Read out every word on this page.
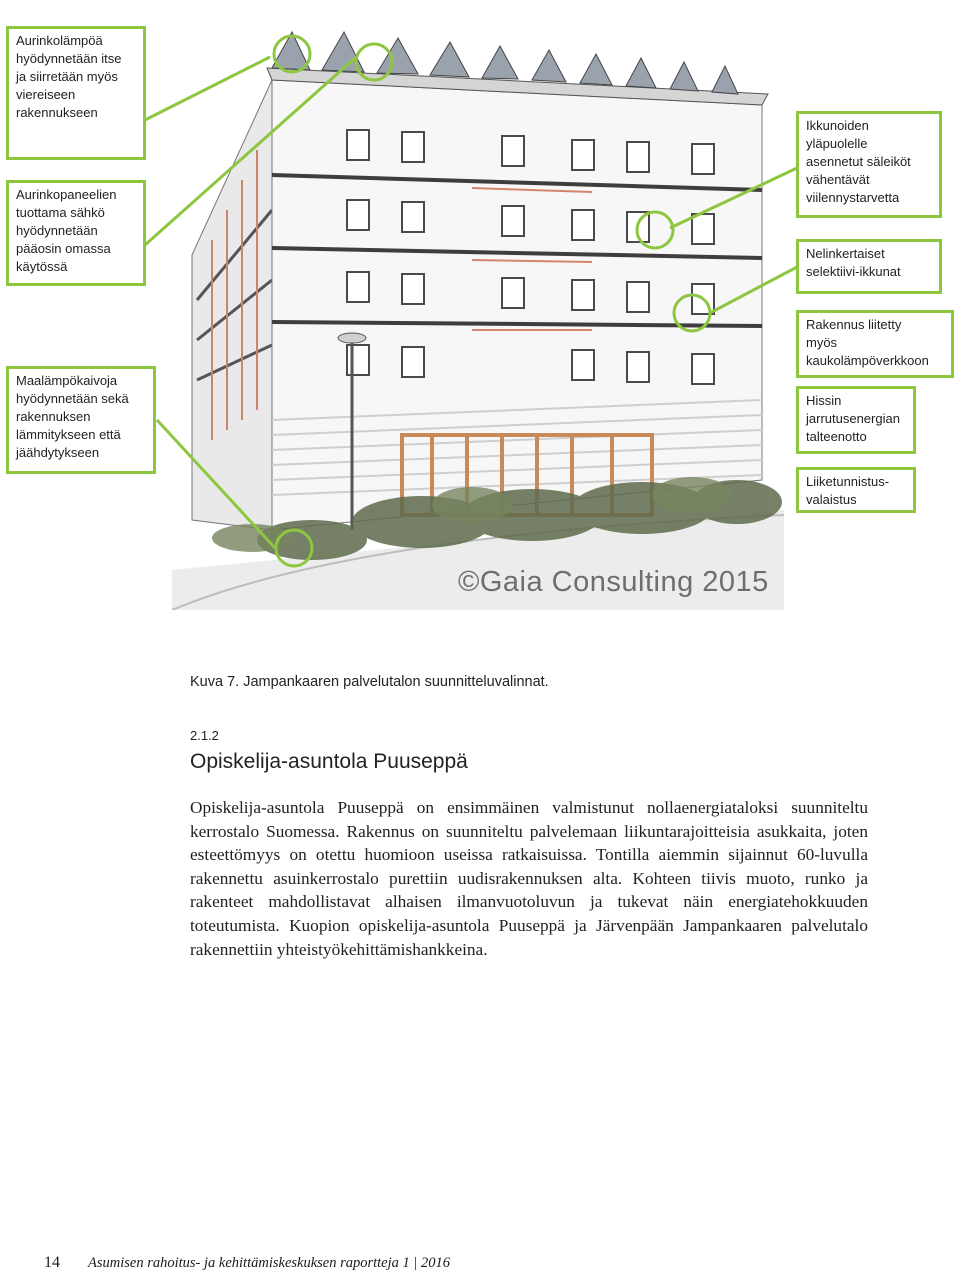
Aurinkolämpöä
hyödynnetään itse
ja siirretään myös
viereiseen
rakennukseen

Aurinkopaneelien
tuottama sähkö
hyödynnetään
pääosin omassa
käytössä

Maalämpökaivoja
hyödynnetään sekä
rakennuksen
lämmitykseen että
jäähdytykseen

Ikkunoiden
yläpuolelle
asennetut säleiköt
vähentävät
viilennystarvetta

Nelinkertaiset
selektiivi-ikkunat

Rakennus liitetty
myös
kaukolämpöverkkoon

Hissin
jarrutusenergian
talteenotto

Liiketunnistus-
valaistus

©Gaia Consulting 2015

Kuva 7. Jampankaaren palvelutalon suunnitteluvalinnat.

2.1.2

Opiskelija-asuntola Puuseppä

Opiskelija-asuntola Puuseppä on ensimmäinen valmistunut nollaenergiataloksi suunniteltu kerrostalo Suomessa. Rakennus on suunniteltu palvelemaan liikuntarajoitteisia asukkaita, joten esteettömyys on otettu huomioon useissa ratkaisuissa. Tontilla aiemmin sijainnut 60-luvulla rakennettu asuinkerrostalo purettiin uudisrakennuksen alta. Kohteen tiivis muoto, runko ja rakenteet mahdollistavat alhaisen ilmanvuotoluvun ja tukevat näin energiatehokkuuden toteutumista. Kuopion opiskelija-asuntola Puuseppä ja Järvenpään Jampankaaren palvelutalo rakennettiin yhteistyökehittämishankkeina.

14 Asumisen rahoitus- ja kehittämiskeskuksen raportteja 1 | 2016
